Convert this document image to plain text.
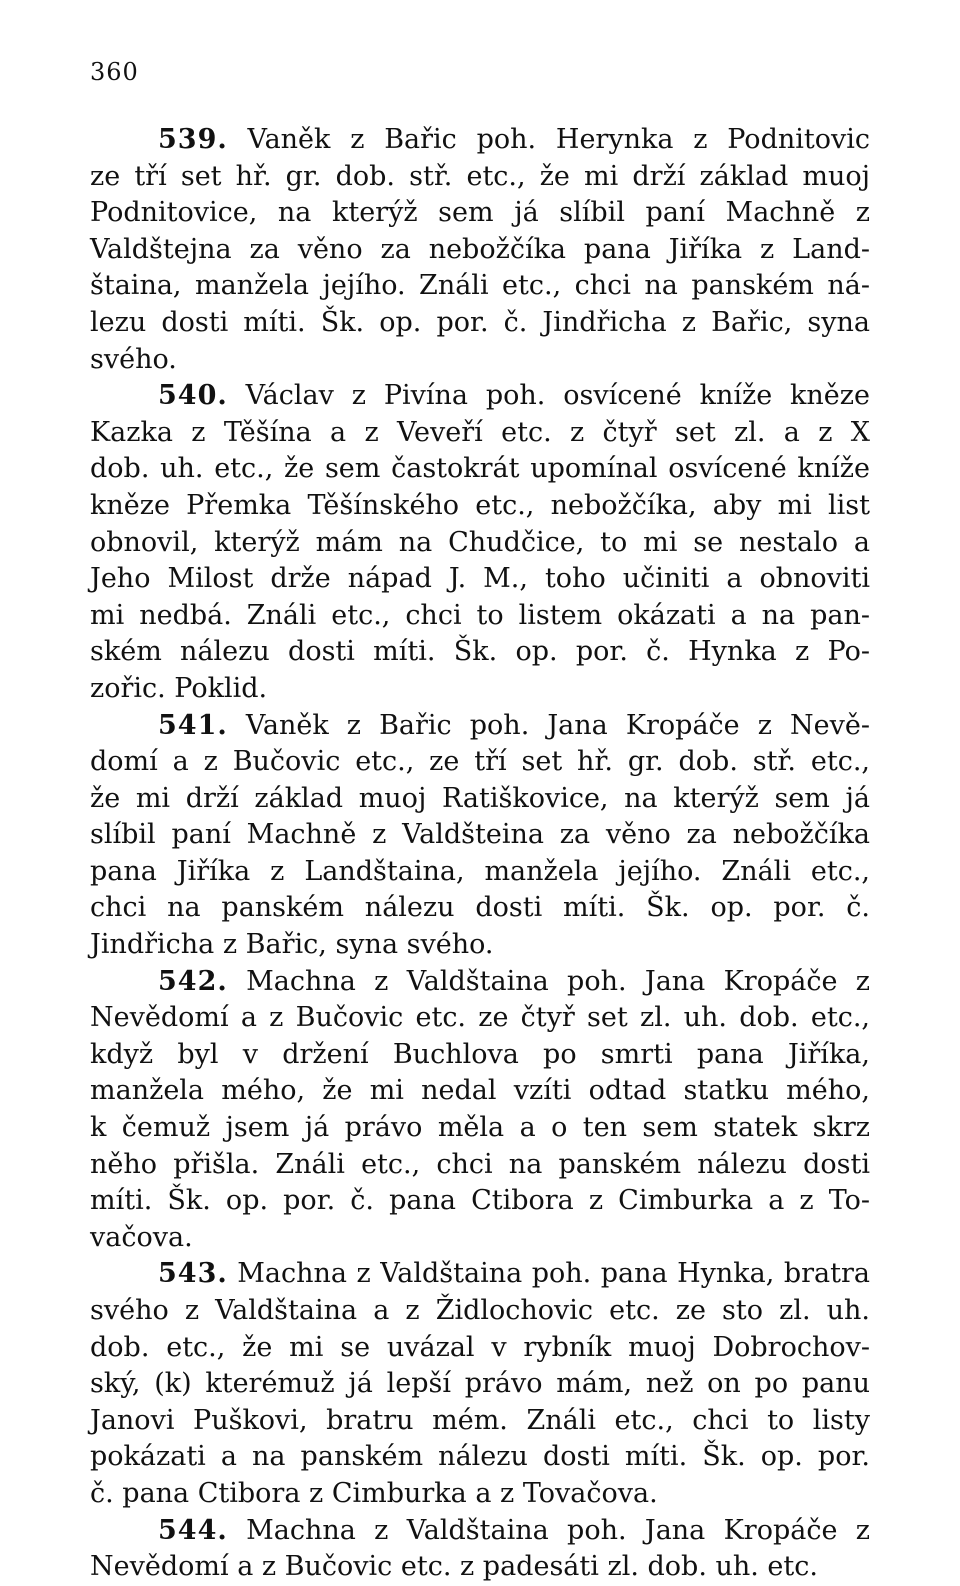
360
539. Vaněk z Bařic poh. Herynka z Podnitovic
ze tří set hř. gr. dob. stř. etc., že mi drží základ muoj
Podnitovice, na kterýž sem já slíbil paní Machně z
Valdštejna za věno za nebožčíka pana Jiříka z Land-
štaina, manžela jejího. Ználi etc., chci na panském ná-
lezu dosti míti. Šk. op. por. č. Jindřicha z Bařic, syna
svého.
540. Václav z Pivína poh. osvícené kníže kněze
Kazka z Těšína a z Veveří etc. z čtyř set zl. a z X
dob. uh. etc., že sem častokrát upomínal osvícené kníže
kněze Přemka Těšínského etc., nebožčíka, aby mi list
obnovil, kterýž mám na Chudčice, to mi se nestalo a
Jeho Milost drže nápad J. M., toho učiniti a obnoviti
mi nedbá. Ználi etc., chci to listem okázati a na pan-
ském nálezu dosti míti. Šk. op. por. č. Hynka z Po-
zořic. Poklid.
541. Vaněk z Bařic poh. Jana Kropáče z Nevě-
domí a z Bučovic etc., ze tří set hř. gr. dob. stř. etc.,
že mi drží základ muoj Ratiškovice, na kterýž sem já
slíbil paní Machně z Valdšteina za věno za nebožčíka
pana Jiříka z Landštaina, manžela jejího. Ználi etc.,
chci na panském nálezu dosti míti. Šk. op. por. č.
Jindřicha z Bařic, syna svého.
542. Machna z Valdštaina poh. Jana Kropáče z
Nevědomí a z Bučovic etc. ze čtyř set zl. uh. dob. etc.,
když byl v držení Buchlova po smrti pana Jiříka,
manžela mého, že mi nedal vzíti odtad statku mého,
k čemuž jsem já právo měla a o ten sem statek skrz
něho přišla. Ználi etc., chci na panském nálezu dosti
míti. Šk. op. por. č. pana Ctibora z Cimburka a z To-
vačova.
543. Machna z Valdštaina poh. pana Hynka, bratra
svého z Valdštaina a z Židlochovic etc. ze sto zl. uh.
dob. etc., že mi se uvázal v rybník muoj Dobrochov-
ský, (k) kterémuž já lepší právo mám, než on po panu
Janovi Puškovi, bratru mém. Ználi etc., chci to listy
pokázati a na panském nálezu dosti míti. Šk. op. por.
č. pana Ctibora z Cimburka a z Tovačova.
544. Machna z Valdštaina poh. Jana Kropáče z
Nevědomí a z Bučovic etc. z padesáti zl. dob. uh. etc.
